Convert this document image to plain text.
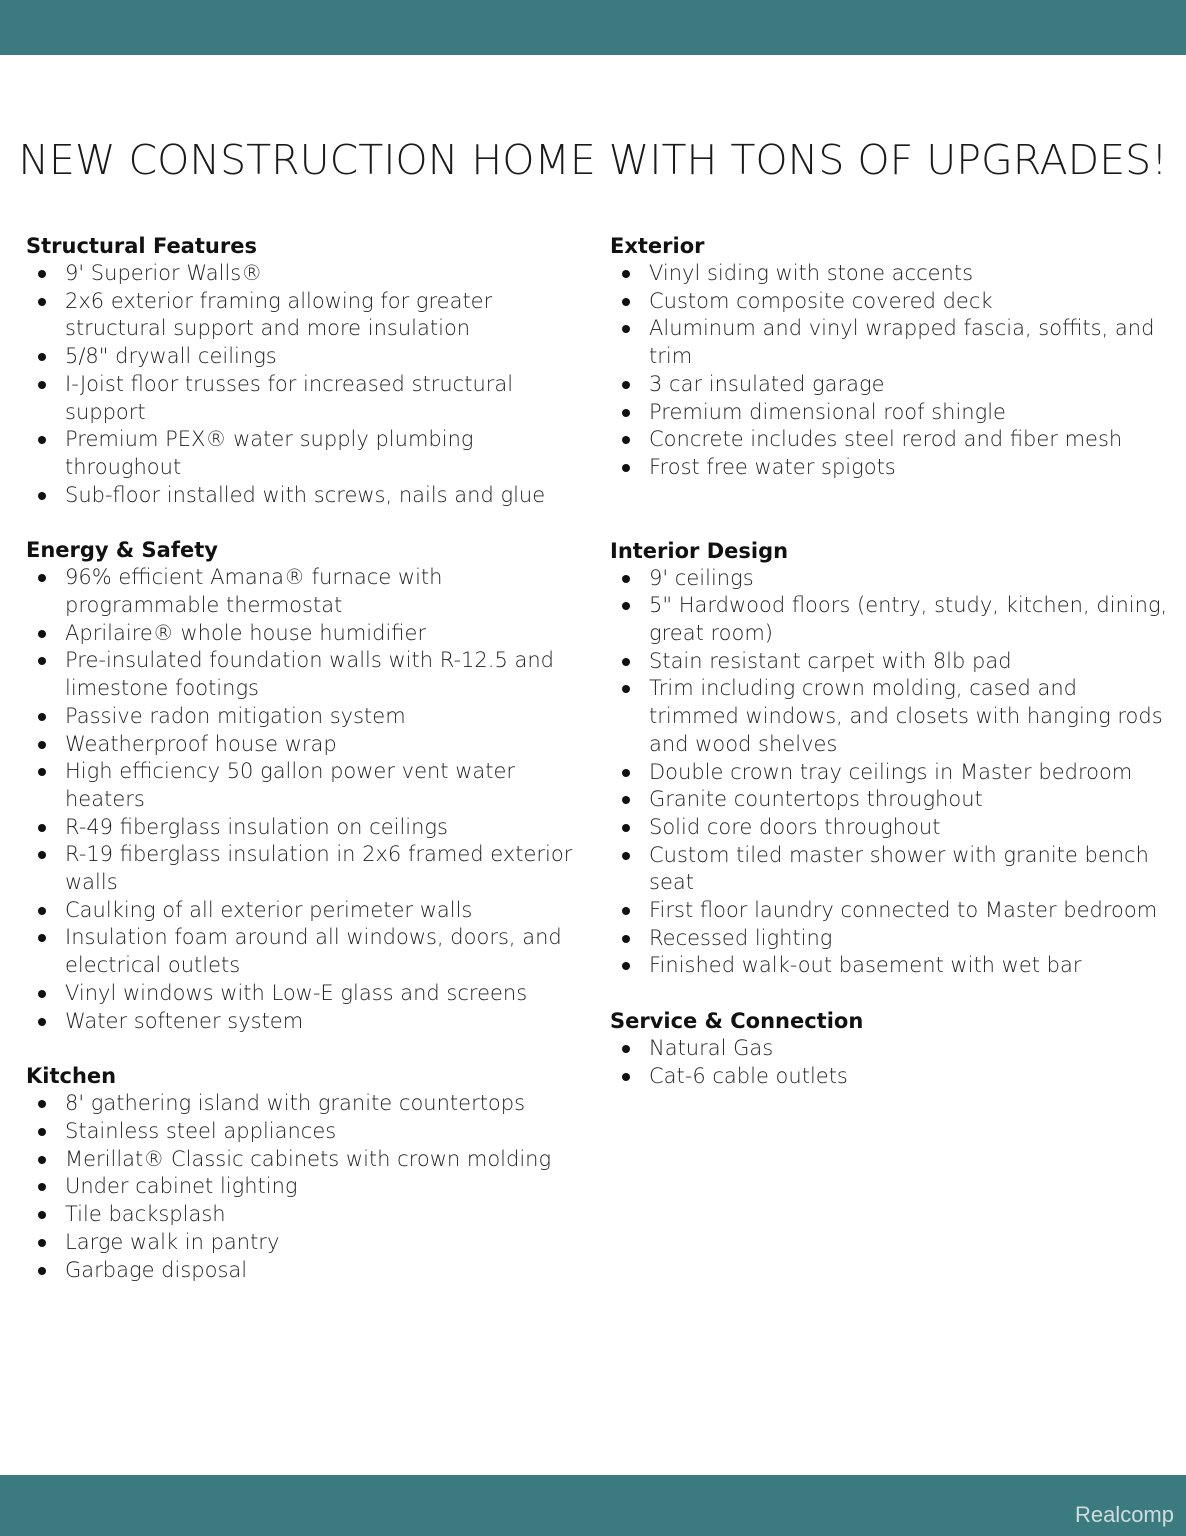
NEW CONSTRUCTION HOME WITH TONS OF UPGRADES!
Structural Features
9' Superior Walls®
2x6 exterior framing allowing for greater structural support and more insulation
5/8" drywall ceilings
I-Joist floor trusses for increased structural support
Premium PEX® water supply plumbing throughout
Sub-floor installed with screws, nails and glue
Energy & Safety
96% efficient Amana® furnace with programmable thermostat
Aprilaire® whole house humidifier
Pre-insulated foundation walls with R-12.5 and limestone footings
Passive radon mitigation system
Weatherproof house wrap
High efficiency 50 gallon power vent water heaters
R-49 fiberglass insulation on ceilings
R-19 fiberglass insulation in 2x6 framed exterior walls
Caulking of all exterior perimeter walls
Insulation foam around all windows, doors, and electrical outlets
Vinyl windows with Low-E glass and screens
Water softener system
Kitchen
8' gathering island with granite countertops
Stainless steel appliances
Merillat® Classic cabinets with crown molding
Under cabinet lighting
Tile backsplash
Large walk in pantry
Garbage disposal
Exterior
Vinyl siding with stone accents
Custom composite covered deck
Aluminum and vinyl wrapped fascia, soffits, and trim
3 car insulated garage
Premium dimensional roof shingle
Concrete includes steel rerod and fiber mesh
Frost free water spigots
Interior Design
9' ceilings
5" Hardwood floors (entry, study, kitchen, dining, great room)
Stain resistant carpet with 8lb pad
Trim including crown molding, cased and trimmed windows, and closets with hanging rods and wood shelves
Double crown tray ceilings in Master bedroom
Granite countertops throughout
Solid core doors throughout
Custom tiled master shower with granite bench seat
First floor laundry connected to Master bedroom
Recessed lighting
Finished walk-out basement with wet bar
Service & Connection
Natural Gas
Cat-6 cable outlets
Realcomp
